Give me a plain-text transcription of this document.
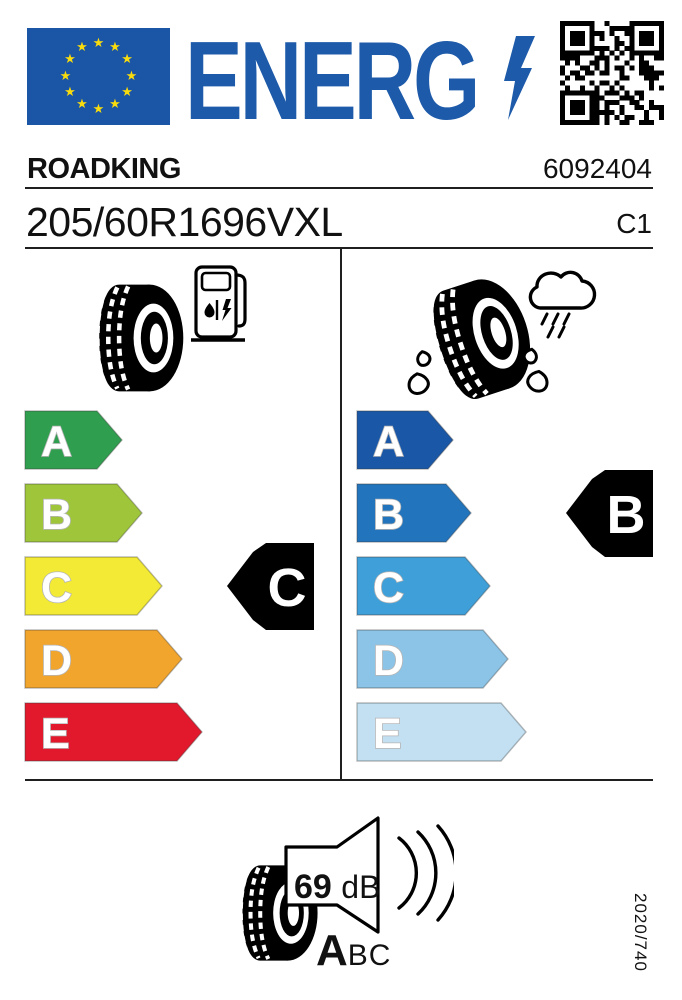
★ ★
★
★
★
★
★
★
★
★
★
★ ENERG
ROADKING	6092404
205/60R1696VXL	C1
A
B
C
D
E
A
B
C
D
E
C
B
69 dB
ABC	2020/740
